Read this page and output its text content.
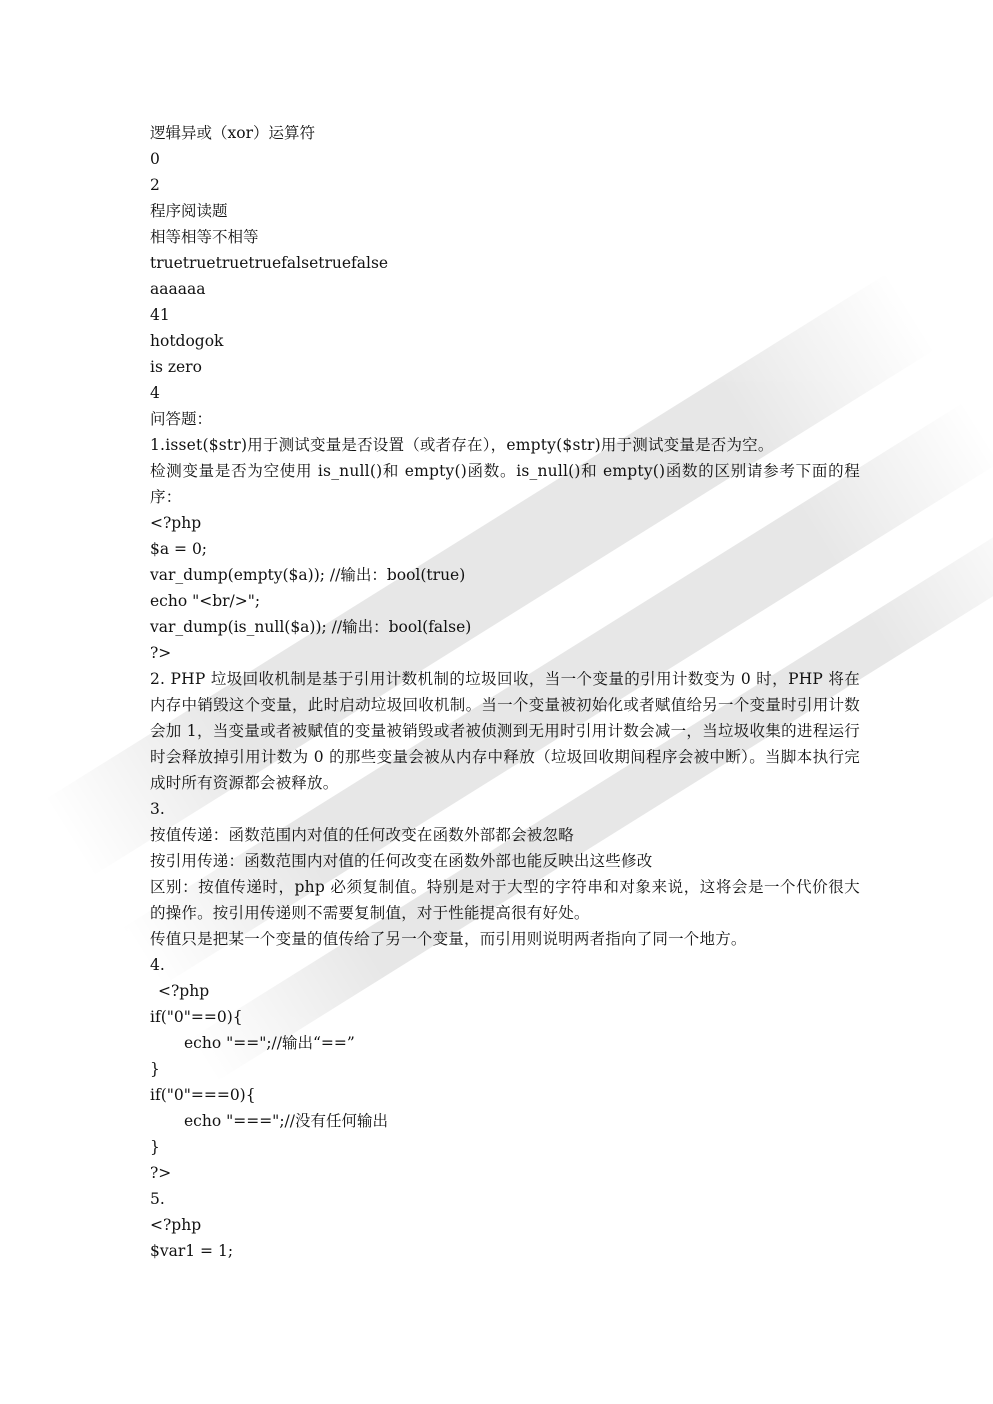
逻辑异或（xor）运算符
0
2
程序阅读题
相等相等不相等
truetruetruetruefalsetruefalse
aaaaaa
41
hotdogok
is zero
4
问答题：
1.isset($str)用于测试变量是否设置（或者存在），empty($str)用于测试变量是否为空。
检测变量是否为空使用 is_null()和 empty()函数。is_null()和 empty()函数的区别请参考下面的程序：
<?php
$a = 0;
var_dump(empty($a)); //输出：bool(true)
echo "<br/>";
var_dump(is_null($a)); //输出：bool(false)
?>
2. PHP 垃圾回收机制是基于引用计数机制的垃圾回收，当一个变量的引用计数变为 0 时，PHP 将在内存中销毁这个变量，此时启动垃圾回收机制。当一个变量被初始化或者赋值给另一个变量时引用计数会加 1，当变量或者被赋值的变量被销毁或者被侦测到无用时引用计数会减一，当垃圾收集的进程运行时会释放掉引用计数为 0 的那些变量会被从内存中释放（垃圾回收期间程序会被中断）。当脚本执行完成时所有资源都会被释放。
3.
按值传递：函数范围内对值的任何改变在函数外部都会被忽略
按引用传递：函数范围内对值的任何改变在函数外部也能反映出这些修改
区别：按值传递时，php 必须复制值。特别是对于大型的字符串和对象来说，这将会是一个代价很大的操作。按引用传递则不需要复制值，对于性能提高很有好处。
传值只是把某一个变量的值传给了另一个变量，而引用则说明两者指向了同一个地方。
4.
<?php
if("0"==0){
echo "==";//输出“==”
}
if("0"===0){
echo "===";//没有任何输出
}
?>
5.
<?php
$var1 = 1;
